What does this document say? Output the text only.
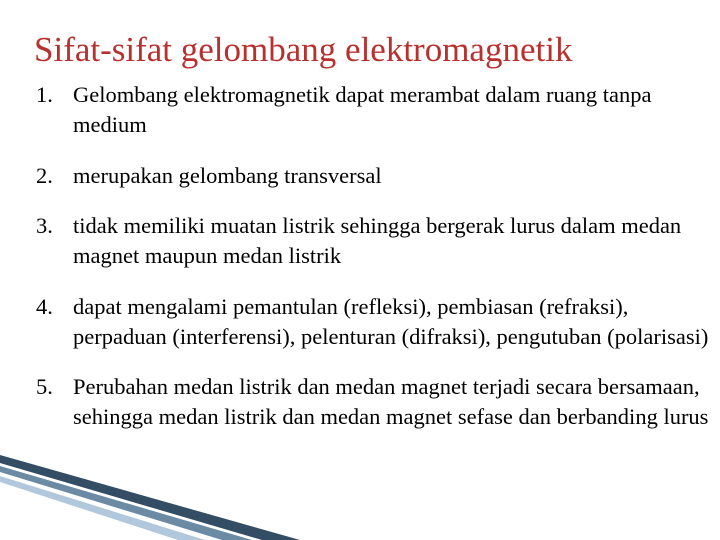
Sifat-sifat gelombang elektromagnetik
1. Gelombang elektromagnetik dapat merambat dalam ruang tanpa medium
2. merupakan gelombang transversal
3. tidak memiliki muatan listrik sehingga bergerak lurus dalam medan magnet maupun medan listrik
4. dapat mengalami pemantulan (refleksi), pembiasan (refraksi), perpaduan (interferensi), pelenturan (difraksi), pengutuban (polarisasi)
5. Perubahan medan listrik dan medan magnet terjadi secara bersamaan, sehingga medan listrik dan medan magnet sefase dan berbanding lurus
